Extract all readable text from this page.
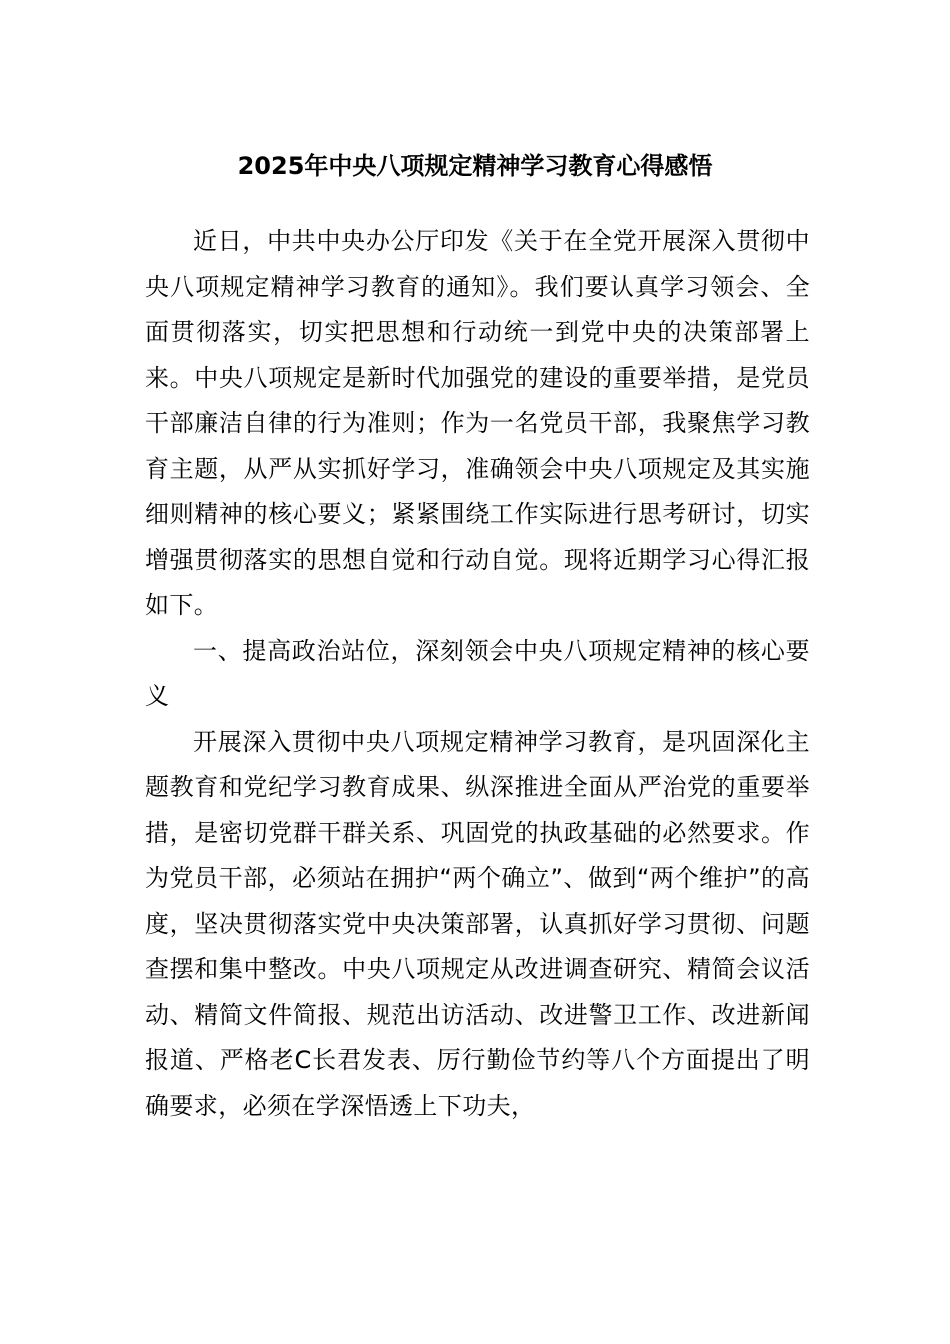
2025年中央八项规定精神学习教育心得感悟

近日，中共中央办公厅印发《关于在全党开展深入贯彻中央八项规定精神学习教育的通知》。我们要认真学习领会、全面贯彻落实，切实把思想和行动统一到党中央的决策部署上来。中央八项规定是新时代加强党的建设的重要举措，是党员干部廉洁自律的行为准则；作为一名党员干部，我聚焦学习教育主题，从严从实抓好学习，准确领会中央八项规定及其实施细则精神的核心要义；紧紧围绕工作实际进行思考研讨，切实增强贯彻落实的思想自觉和行动自觉。现将近期学习心得汇报如下。

一、提高政治站位，深刻领会中央八项规定精神的核心要义

开展深入贯彻中央八项规定精神学习教育，是巩固深化主题教育和党纪学习教育成果、纵深推进全面从严治党的重要举措，是密切党群干群关系、巩固党的执政基础的必然要求。作为党员干部，必须站在拥护“两个确立”、做到“两个维护”的高度，坚决贯彻落实党中央决策部署，认真抓好学习贯彻、问题查摆和集中整改。中央八项规定从改进调查研究、精简会议活动、精简文件简报、规范出访活动、改进警卫工作、改进新闻报道、严格老C长君发表、厉行勤俭节约等八个方面提出了明确要求，必须在学深悟透上下功夫，
